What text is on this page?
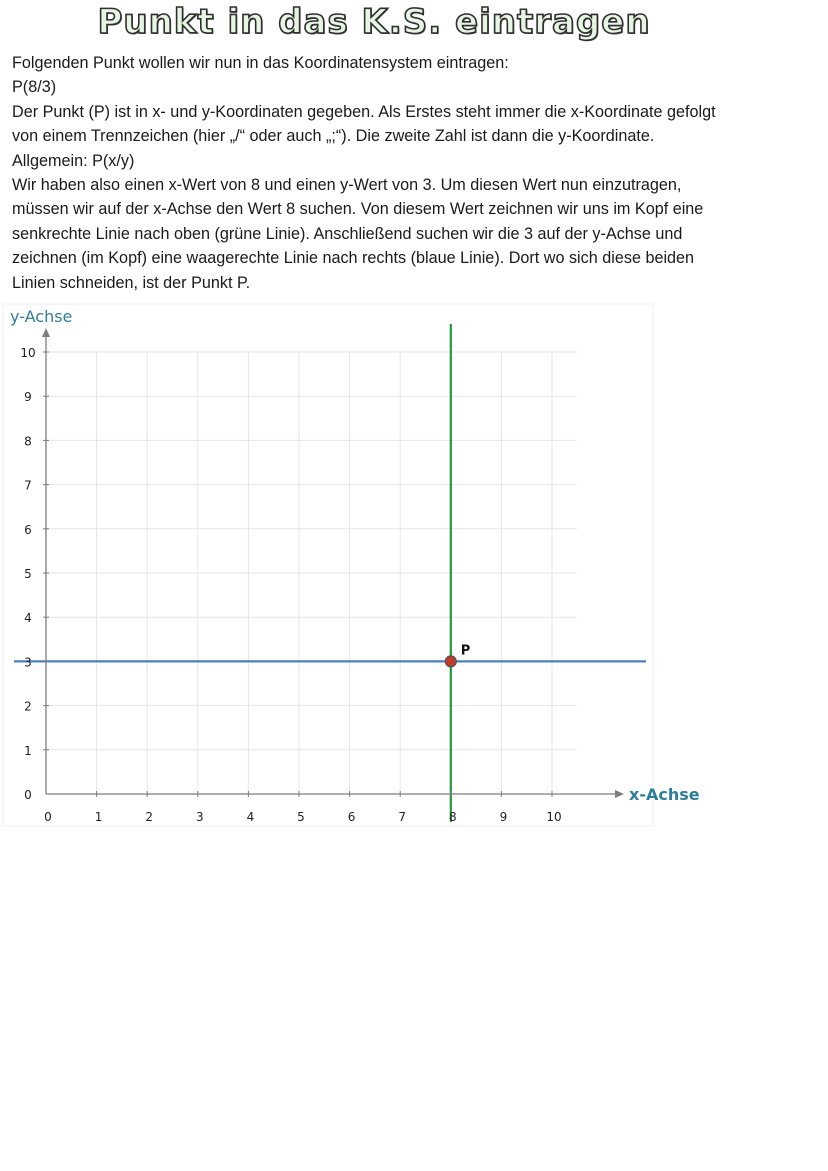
Punkt in das K.S. eintragen

Folgenden Punkt wollen wir nun in das Koordinatensystem eintragen:

P(8/3)

Der Punkt (P) ist in x- und y-Koordinaten gegeben. Als Erstes steht immer die x-Koordinate gefolgt

von einem Trennzeichen (hier „/“ oder auch „;“). Die zweite Zahl ist dann die y-Koordinate.

Allgemein: P(x/y)

Wir haben also einen x-Wert von 8 und einen y-Wert von 3. Um diesen Wert nun einzutragen,

müssen wir auf der x-Achse den Wert 8 suchen. Von diesem Wert zeichnen wir uns im Kopf eine

senkrechte Linie nach oben (grüne Linie). Anschließend suchen wir die 3 auf der y-Achse und

zeichnen (im Kopf) eine waagerechte Linie nach rechts (blaue Linie). Dort wo sich diese beiden

Linien schneiden, ist der Punkt P.

0	1	2	3	4	5	6	7	8	9	10
0
1
2
3
4
5
6
7
8
9
10
y-Achse
x-Achse
P
